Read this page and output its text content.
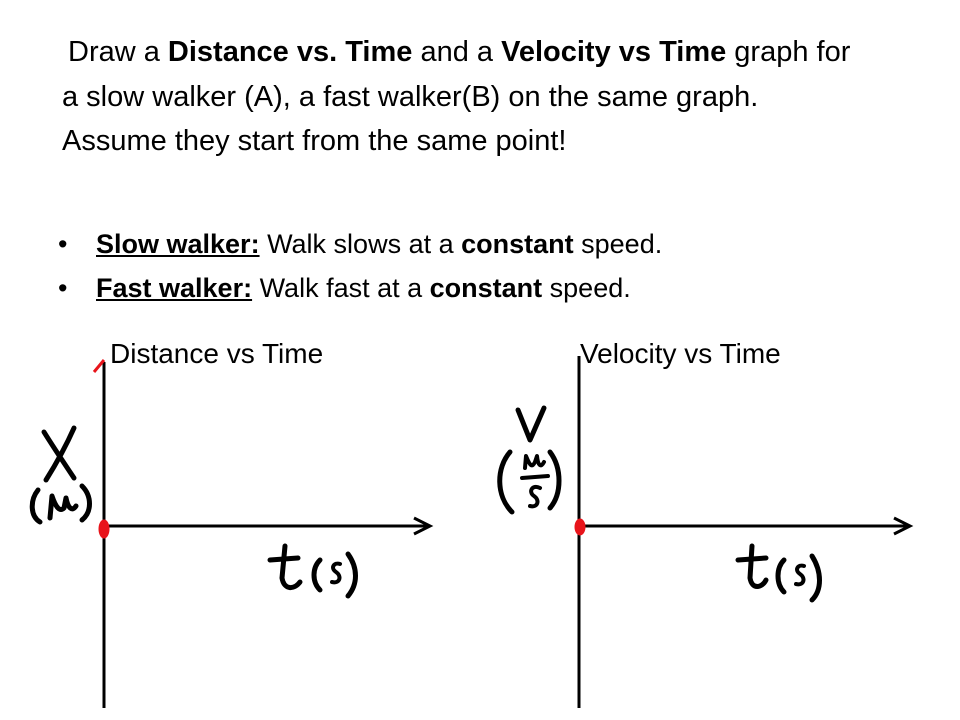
Draw a Distance vs. Time and a Velocity vs Time graph for a slow walker (A), a fast walker(B) on the same graph. Assume they start from the same point!

• Slow walker: Walk slows at a constant speed.
• Fast walker: Walk fast at a constant speed.
Distance vs Time	Velocity vs Time
